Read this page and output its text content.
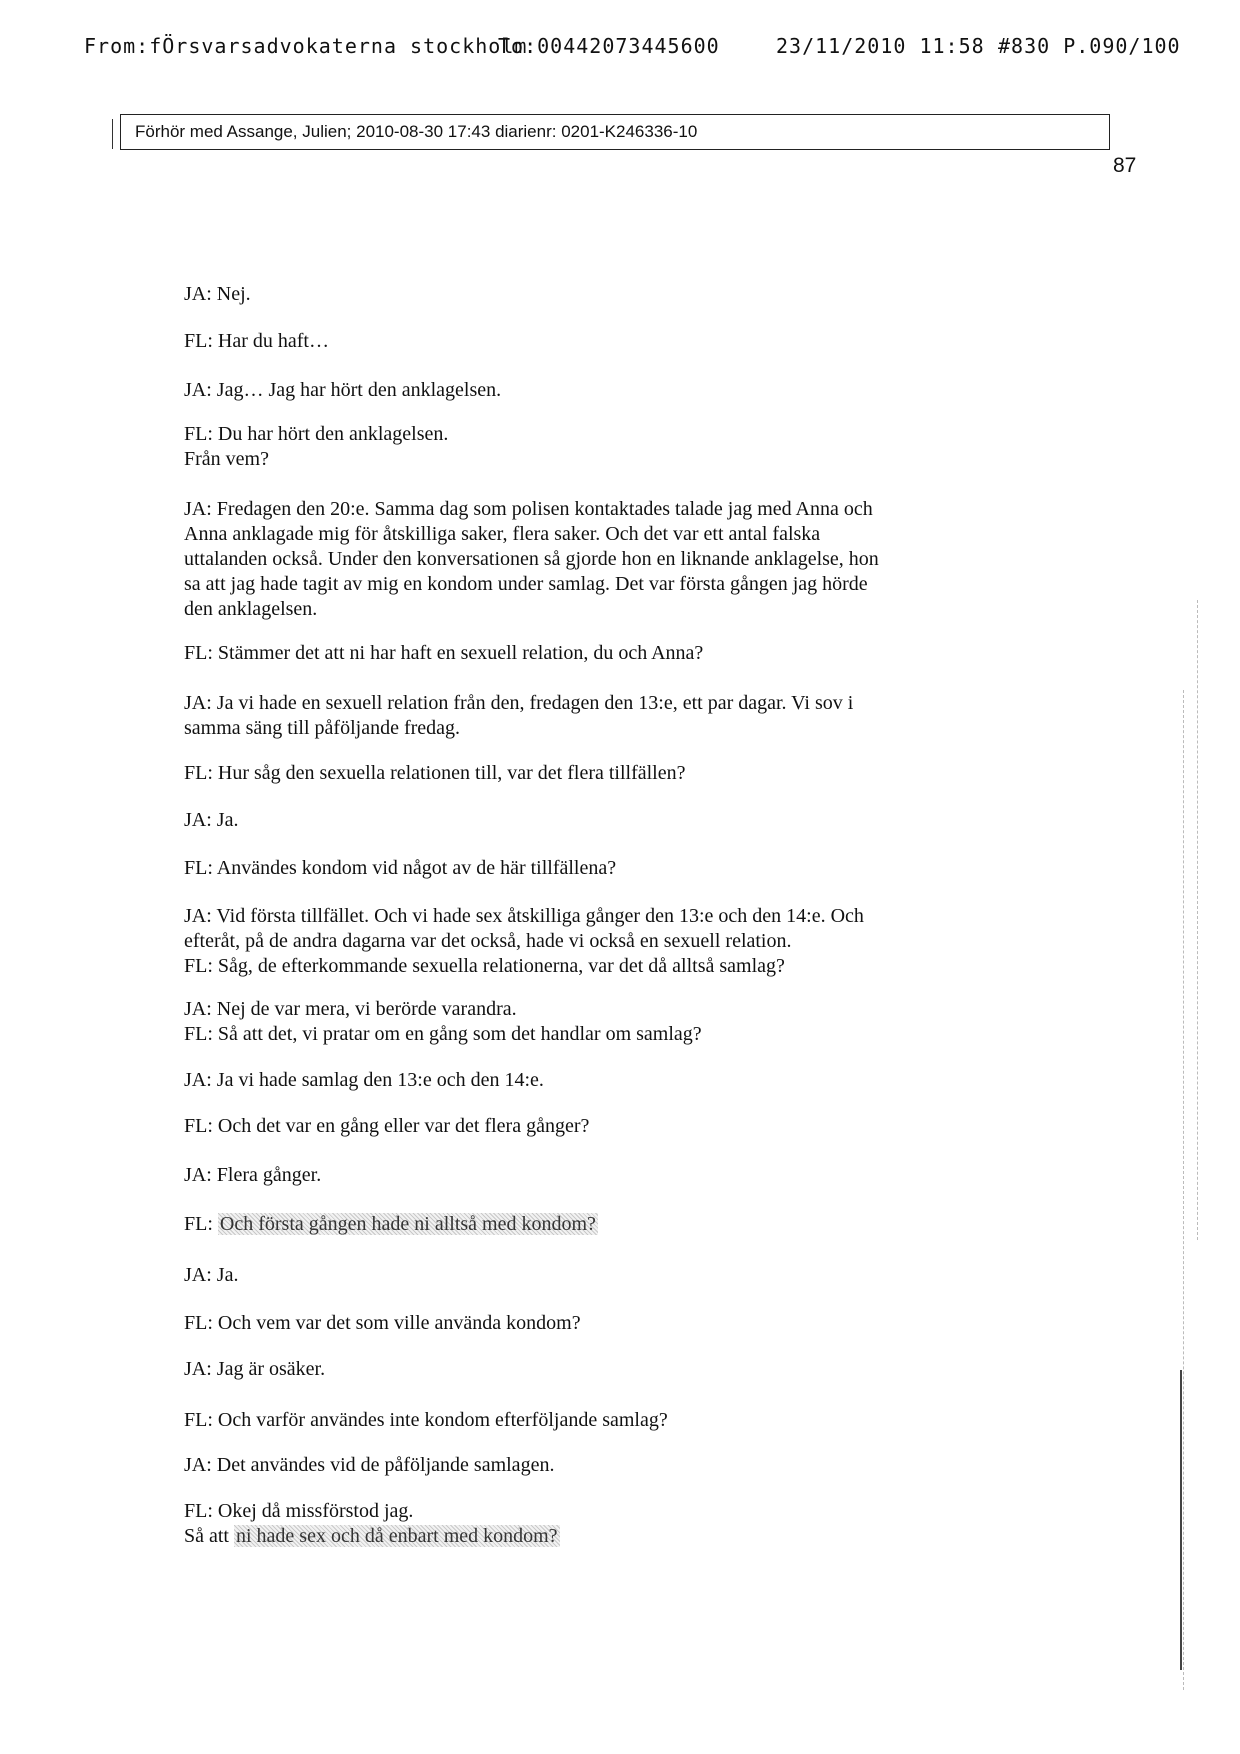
From:fÖrsvarsadvokaterna stockholm
To:00442073445600	23/11/2010 11:58 #830 P.090/100
Förhör med Assange, Julien; 2010-08-30 17:43 diarienr: 0201-K246336-10
87

JA: Nej.

FL: Har du haft…

JA: Jag… Jag har hört den anklagelsen.

FL: Du har hört den anklagelsen.

Från vem?

JA: Fredagen den 20:e. Samma dag som polisen kontaktades talade jag med Anna och

Anna anklagade mig för åtskilliga saker, flera saker. Och det var ett antal falska

uttalanden också. Under den konversationen så gjorde hon en liknande anklagelse, hon

sa att jag hade tagit av mig en kondom under samlag. Det var första gången jag hörde

den anklagelsen.

FL: Stämmer det att ni har haft en sexuell relation, du och Anna?

JA: Ja vi hade en sexuell relation från den, fredagen den 13:e, ett par dagar. Vi sov i

samma säng till påföljande fredag.

FL: Hur såg den sexuella relationen till, var det flera tillfällen?

JA: Ja.

FL: Användes kondom vid något av de här tillfällena?

JA: Vid första tillfället. Och vi hade sex åtskilliga gånger den 13:e och den 14:e. Och

efteråt, på de andra dagarna var det också, hade vi också en sexuell relation.

FL: Såg, de efterkommande sexuella relationerna, var det då alltså samlag?

JA: Nej de var mera, vi berörde varandra.

FL: Så att det, vi pratar om en gång som det handlar om samlag?

JA: Ja vi hade samlag den 13:e och den 14:e.

FL: Och det var en gång eller var det flera gånger?

JA: Flera gånger.

FL: Och första gången hade ni alltså med kondom?

JA: Ja.

FL: Och vem var det som ville använda kondom?

JA: Jag är osäker.

FL: Och varför användes inte kondom efterföljande samlag?

JA: Det användes vid de påföljande samlagen.

FL: Okej då missförstod jag.

Så att ni hade sex och då enbart med kondom?
